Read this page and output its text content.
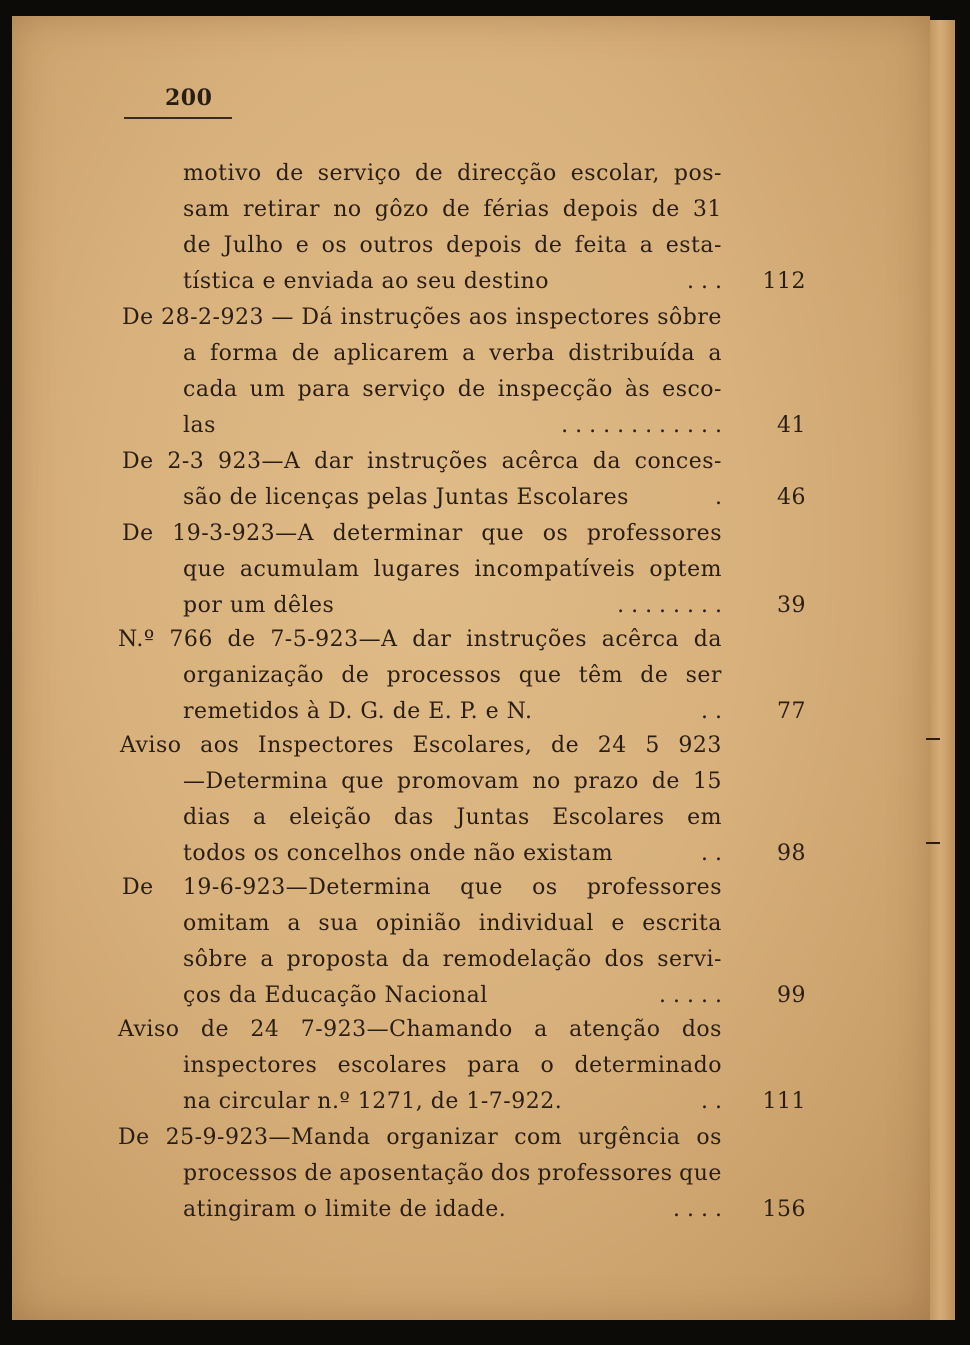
200
motivo de serviço de direcção escolar, pos-
sam retirar no gôzo de férias depois de 31
de Julho e os outros depois de feita a esta-
tística e enviada ao seu destino	. . .	112
De 28-2-923 — Dá instruções aos inspectores sôbre
a forma de aplicarem a verba distribuída a
cada um para serviço de inspecção às esco-
las	. . . . . . . . . . . .	41
De 2-3 923—A dar instruções acêrca da conces-
são de licenças pelas Juntas Escolares	.	46
De 19-3-923—A determinar que os professores
que acumulam lugares incompatíveis optem
por um dêles	. . . . . . . .	39
N.º 766 de 7-5-923—A dar instruções acêrca da
organização de processos que têm de ser
remetidos à D. G. de E. P. e N.	. .	77
Aviso aos Inspectores Escolares, de 24 5 923
—Determina que promovam no prazo de 15
dias a eleição das Juntas Escolares em
todos os concelhos onde não existam	. .	98
De 19-6-923—Determina que os professores
omitam a sua opinião individual e escrita
sôbre a proposta da remodelação dos servi-
ços da Educação Nacional	. . . . .	99
Aviso de 24 7-923—Chamando a atenção dos
inspectores escolares para o determinado
na circular n.º 1271, de 1-7-922.	. .	111
De 25-9-923—Manda organizar com urgência os
processos de aposentação dos professores que
atingiram o limite de idade.	. . . .	156
